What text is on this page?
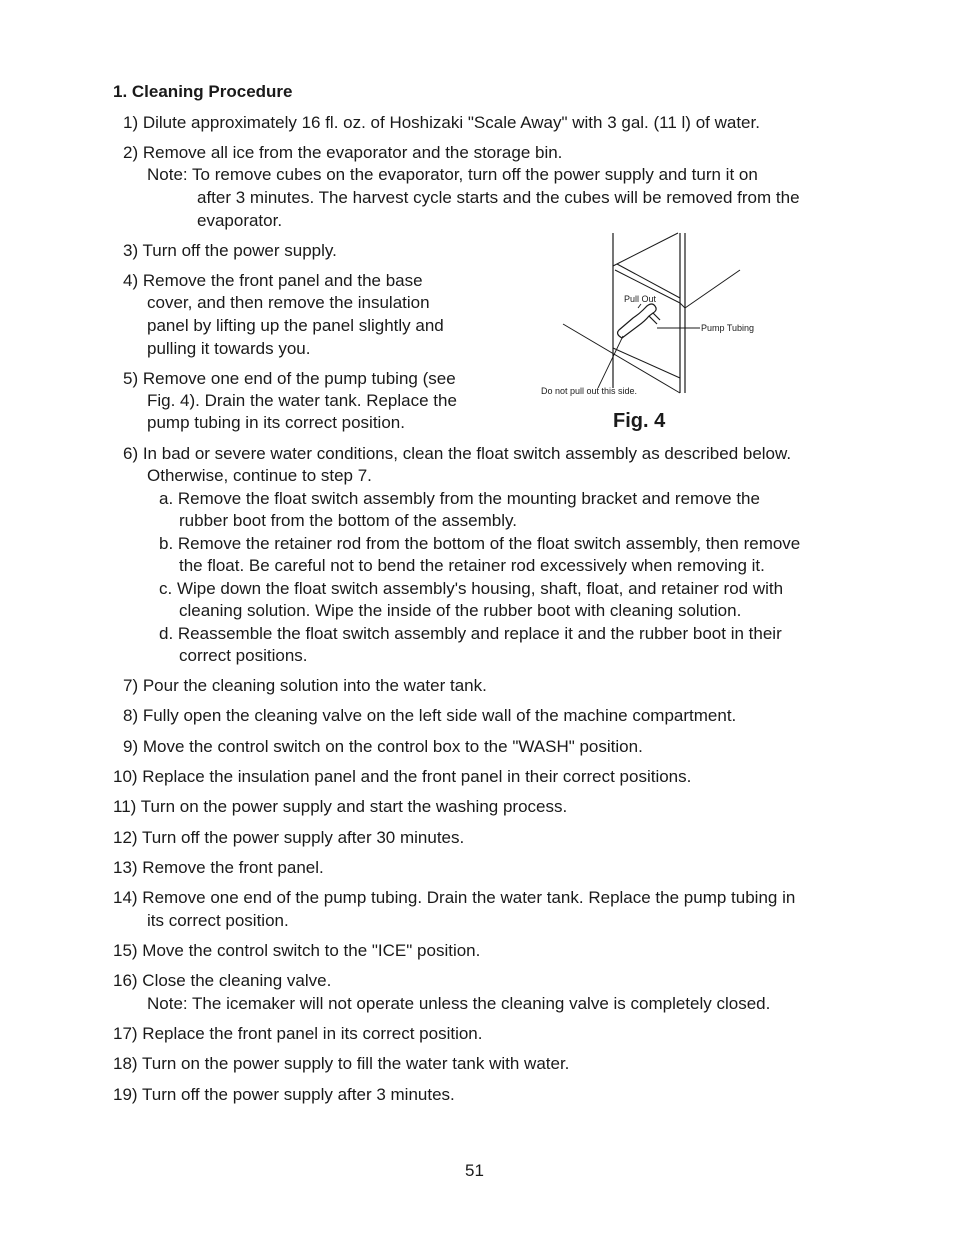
1. Cleaning Procedure
1) Dilute approximately 16 fl. oz. of Hoshizaki "Scale Away" with 3 gal. (11 l) of water.
2) Remove all ice from the evaporator and the storage bin.
Note: To remove cubes on the evaporator, turn off the power supply and turn it on
after 3 minutes. The harvest cycle starts and the cubes will be removed from the
evaporator.
3) Turn off the power supply.
4) Remove the front panel and the base
cover, and then remove the insulation
panel by lifting up the panel slightly and
pulling it towards you.
5) Remove one end of the pump tubing (see
Fig. 4). Drain the water tank. Replace the
pump tubing in its correct position.
Pull Out
Pump Tubing
Do not pull out this side.
Fig. 4
6) In bad or severe water conditions, clean the float switch assembly as described below.
Otherwise, continue to step 7.
a. Remove the float switch assembly from the mounting bracket and remove the
rubber boot from the bottom of the assembly.
b. Remove the retainer rod from the bottom of the float switch assembly, then remove
the float. Be careful not to bend the retainer rod excessively when removing it.
c. Wipe down the float switch assembly's housing, shaft, float, and retainer rod with
cleaning solution. Wipe the inside of the rubber boot with cleaning solution.
d. Reassemble the float switch assembly and replace it and the rubber boot in their
correct positions.
7) Pour the cleaning solution into the water tank.
8) Fully open the cleaning valve on the left side wall of the machine compartment.
9) Move the control switch on the control box to the "WASH" position.
10) Replace the insulation panel and the front panel in their correct positions.
11) Turn on the power supply and start the washing process.
12) Turn off the power supply after 30 minutes.
13) Remove the front panel.
14) Remove one end of the pump tubing. Drain the water tank. Replace the pump tubing in
its correct position.
15) Move the control switch to the "ICE" position.
16) Close the cleaning valve.
Note: The icemaker will not operate unless the cleaning valve is completely closed.
17) Replace the front panel in its correct position.
18) Turn on the power supply to fill the water tank with water.
19) Turn off the power supply after 3 minutes.
51
